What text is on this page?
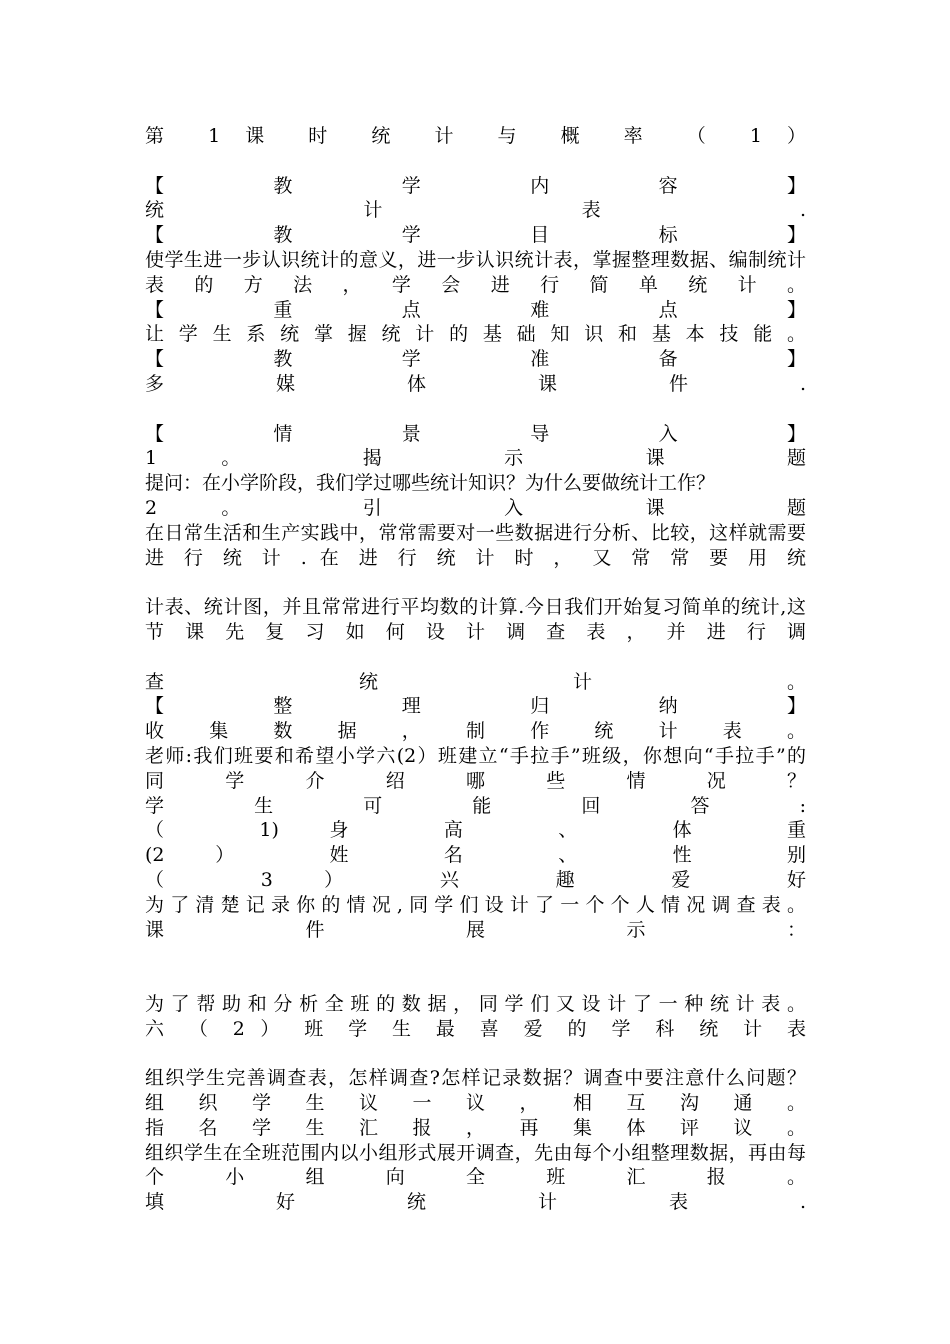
第 1 课 时 统 计 与 概 率 （ 1 ）
【 教 学 内 容 】
统 计 表 .
【 教 学 目 标 】
使学生进一步认识统计的意义，进一步认识统计表，掌握整理数据、编制统计
表 的 方 法 ， 学 会 进 行 简 单 统 计 。
【 重 点 难 点 】
让 学 生 系 统 掌 握 统 计 的 基 础 知 识 和 基 本 技 能 。
【 教 学 准 备 】
多 媒 体 课 件 .
【 情 景 导 入 】
1 。 揭 示 课 题
提问：在小学阶段，我们学过哪些统计知识？为什么要做统计工作？
2 。 引 入 课 题
在日常生活和生产实践中，常常需要对一些数据进行分析、比较，这样就需要
进 行 统 计 . 在 进 行 统 计 时 ， 又 常 常 要 用 统
计表、统计图，并且常常进行平均数的计算.今日我们开始复习简单的统计,这
节 课 先 复 习 如 何 设 计 调 查 表 ， 并 进 行 调
查 统 计 。
【 整 理 归 纳 】
收 集 数 据 ， 制 作 统 计 表 。
老师:我们班要和希望小学六(2）班建立“手拉手”班级，你想向“手拉手”的
同 学 介 绍 哪 些 情 况 ？
学 生 可 能 回 答 :
（ 1) 身 高 、 体 重
(2 ） 姓 名 、 性 别
（ 3 ） 兴 趣 爱 好
为 了 清 楚 记 录 你 的 情 况 , 同 学 们 设 计 了 一 个 个 人 情 况 调 查 表 。
课 件 展 示 ：
为 了 帮 助 和 分 析 全 班 的 数 据 ， 同 学 们 又 设 计 了 一 种 统 计 表 。
六 （ 2 ） 班 学 生 最 喜 爱 的 学 科 统 计 表
组织学生完善调查表，怎样调查?怎样记录数据？调查中要注意什么问题？
组 织 学 生 议 一 议 ， 相 互 沟 通 。
指 名 学 生 汇 报 ， 再 集 体 评 议 。
组织学生在全班范围内以小组形式展开调查，先由每个小组整理数据，再由每
个 小 组 向 全 班 汇 报 。
填 好 统 计 表 .
